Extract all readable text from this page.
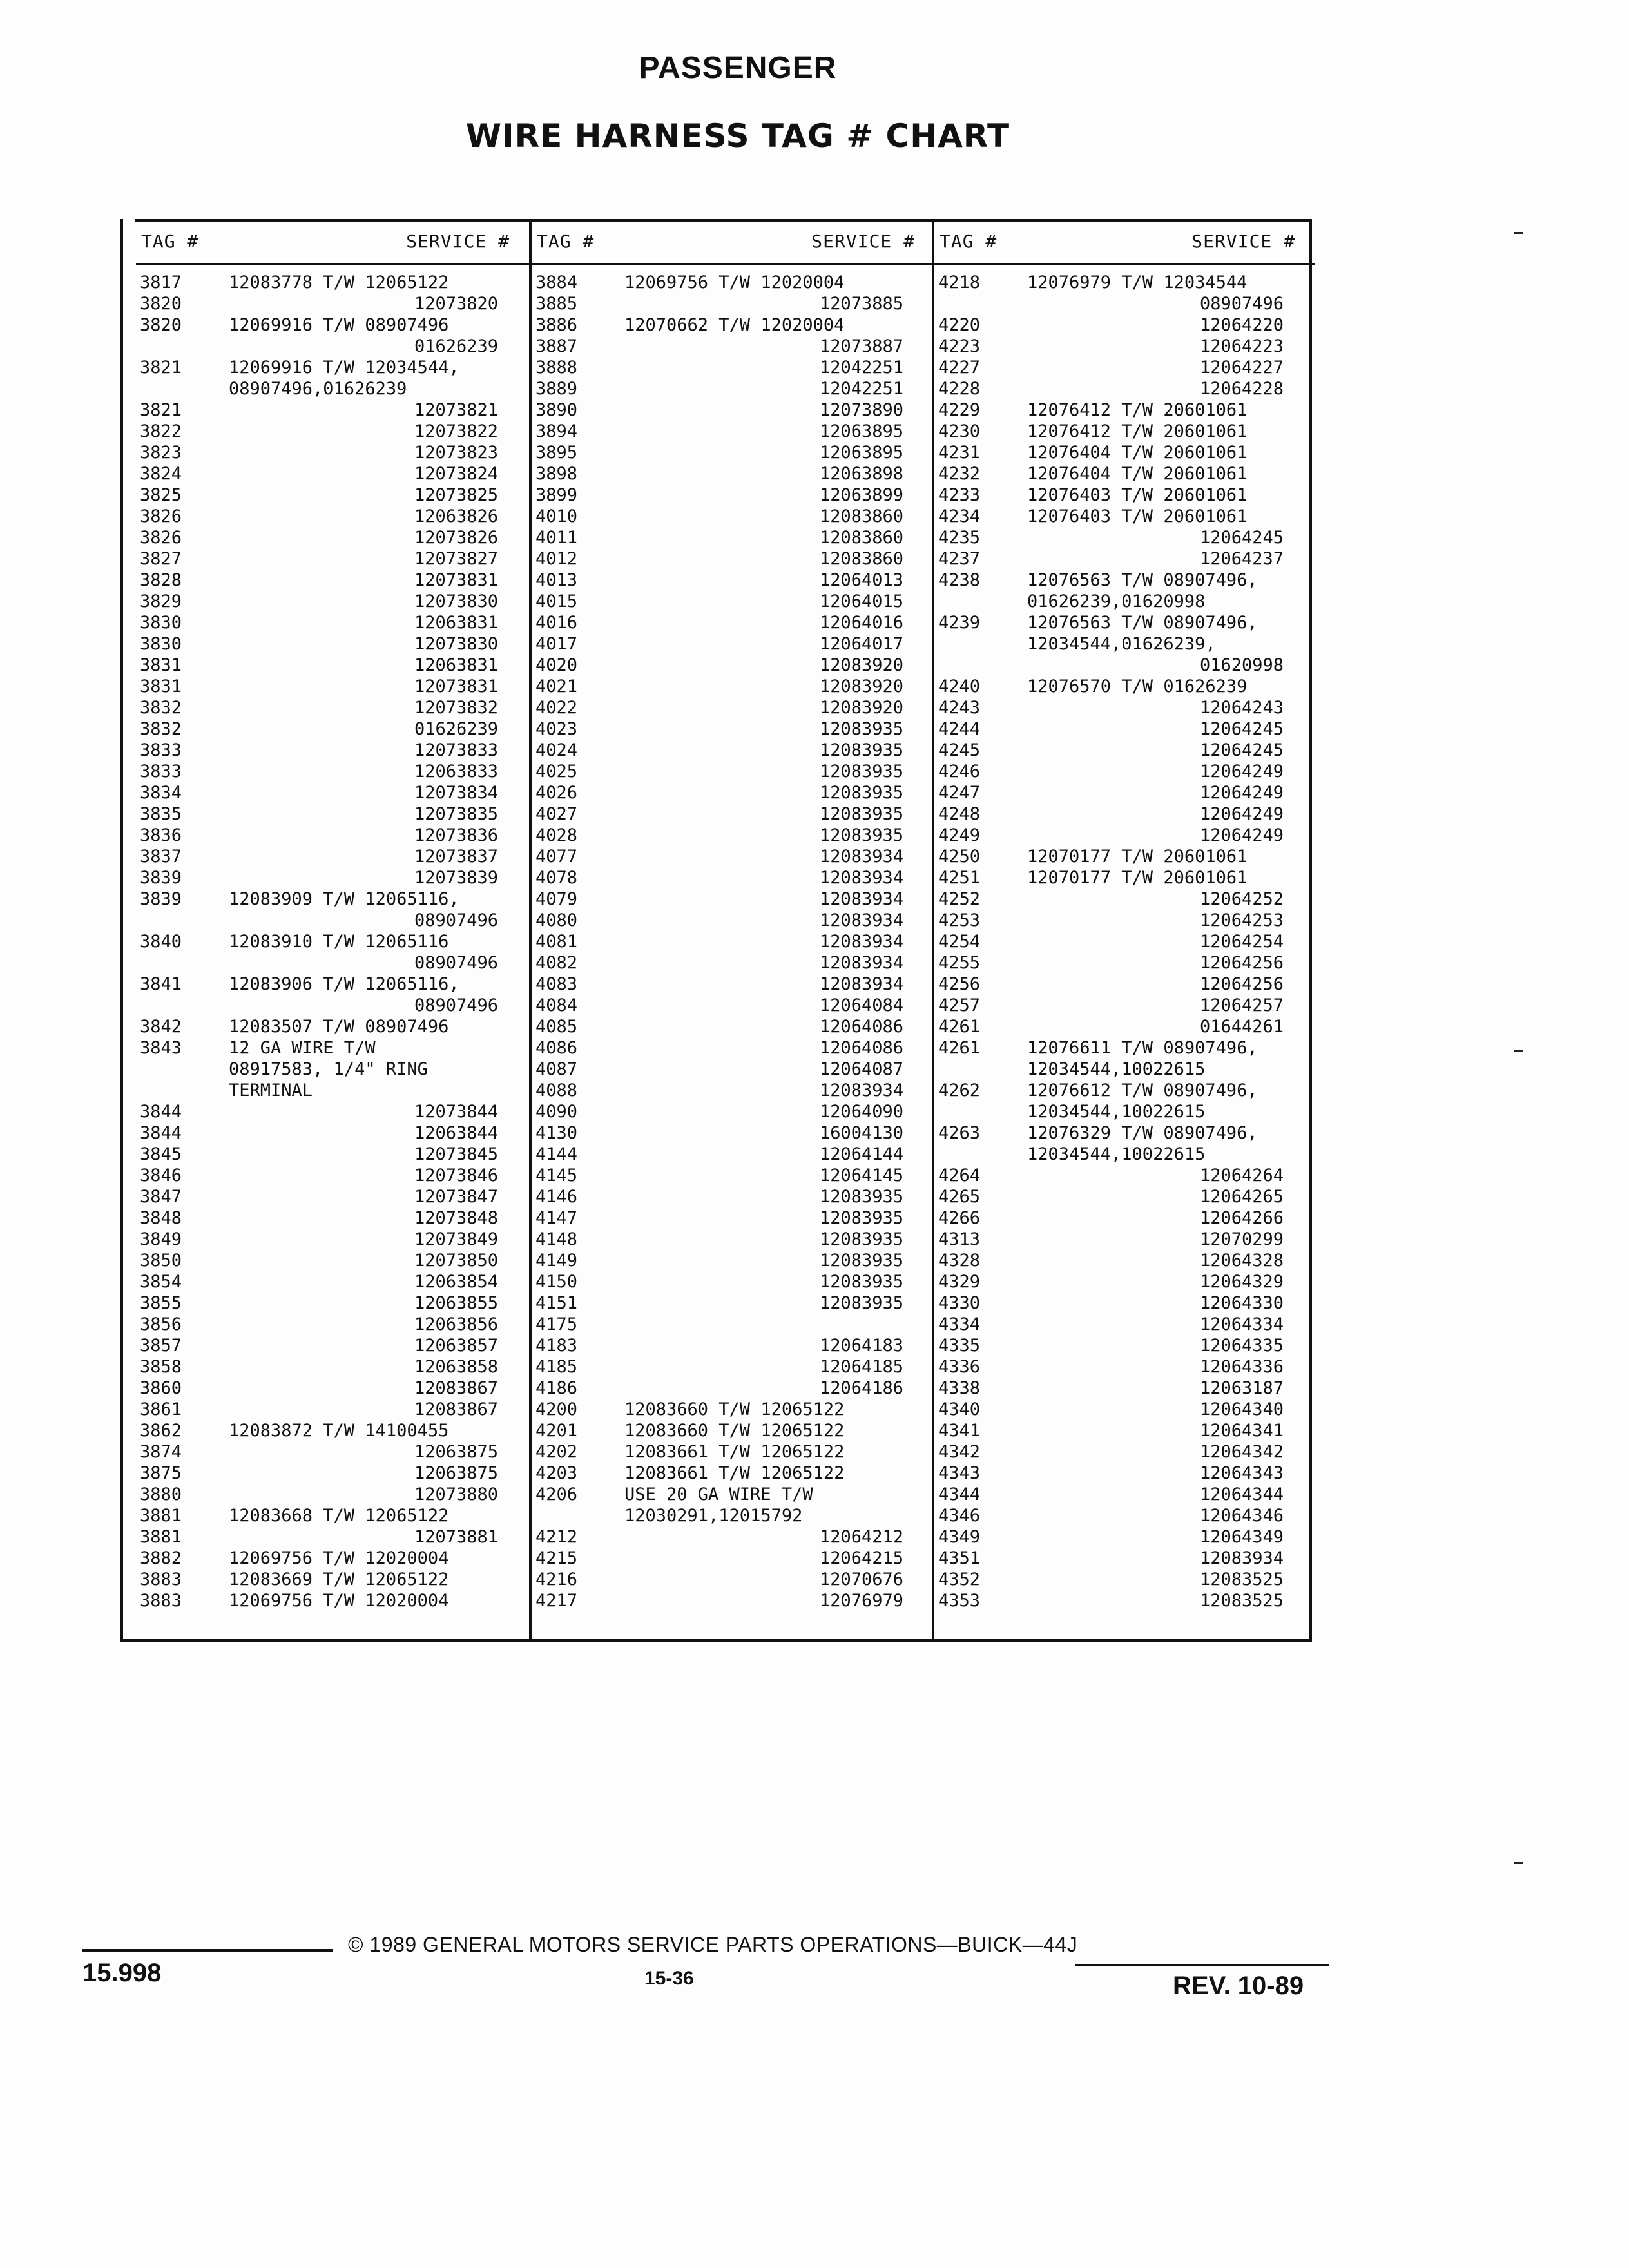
PASSENGER
WIRE HARNESS TAG # CHART
TAG #	SERVICE #
3817	12083778 T/W 12065122
3820	12073820
3820	12069916 T/W 08907496
01626239
3821	12069916 T/W 12034544,
08907496,01626239
3821	12073821
3822	12073822
3823	12073823
3824	12073824
3825	12073825
3826	12063826
3826	12073826
3827	12073827
3828	12073831
3829	12073830
3830	12063831
3830	12073830
3831	12063831
3831	12073831
3832	12073832
3832	01626239
3833	12073833
3833	12063833
3834	12073834
3835	12073835
3836	12073836
3837	12073837
3839	12073839
3839	12083909 T/W 12065116,
08907496
3840	12083910 T/W 12065116
08907496
3841	12083906 T/W 12065116,
08907496
3842	12083507 T/W 08907496
3843	12 GA WIRE T/W
08917583, 1/4" RING
TERMINAL
3844	12073844
3844	12063844
3845	12073845
3846	12073846
3847	12073847
3848	12073848
3849	12073849
3850	12073850
3854	12063854
3855	12063855
3856	12063856
3857	12063857
3858	12063858
3860	12083867
3861	12083867
3862	12083872 T/W 14100455
3874	12063875
3875	12063875
3880	12073880
3881	12083668 T/W 12065122
3881	12073881
3882	12069756 T/W 12020004
3883	12083669 T/W 12065122
3883	12069756 T/W 12020004
TAG #	SERVICE #
3884	12069756 T/W 12020004
3885	12073885
3886	12070662 T/W 12020004
3887	12073887
3888	12042251
3889	12042251
3890	12073890
3894	12063895
3895	12063895
3898	12063898
3899	12063899
4010	12083860
4011	12083860
4012	12083860
4013	12064013
4015	12064015
4016	12064016
4017	12064017
4020	12083920
4021	12083920
4022	12083920
4023	12083935
4024	12083935
4025	12083935
4026	12083935
4027	12083935
4028	12083935
4077	12083934
4078	12083934
4079	12083934
4080	12083934
4081	12083934
4082	12083934
4083	12083934
4084	12064084
4085	12064086
4086	12064086
4087	12064087
4088	12083934
4090	12064090
4130	16004130
4144	12064144
4145	12064145
4146	12083935
4147	12083935
4148	12083935
4149	12083935
4150	12083935
4151	12083935
4175
4183	12064183
4185	12064185
4186	12064186
4200	12083660 T/W 12065122
4201	12083660 T/W 12065122
4202	12083661 T/W 12065122
4203	12083661 T/W 12065122
4206	USE 20 GA WIRE T/W
12030291,12015792
4212	12064212
4215	12064215
4216	12070676
4217	12076979
TAG #	SERVICE #
4218	12076979 T/W 12034544
08907496
4220	12064220
4223	12064223
4227	12064227
4228	12064228
4229	12076412 T/W 20601061
4230	12076412 T/W 20601061
4231	12076404 T/W 20601061
4232	12076404 T/W 20601061
4233	12076403 T/W 20601061
4234	12076403 T/W 20601061
4235	12064245
4237	12064237
4238	12076563 T/W 08907496,
01626239,01620998
4239	12076563 T/W 08907496,
12034544,01626239,
01620998
4240	12076570 T/W 01626239
4243	12064243
4244	12064245
4245	12064245
4246	12064249
4247	12064249
4248	12064249
4249	12064249
4250	12070177 T/W 20601061
4251	12070177 T/W 20601061
4252	12064252
4253	12064253
4254	12064254
4255	12064256
4256	12064256
4257	12064257
4261	01644261
4261	12076611 T/W 08907496,
12034544,10022615
4262	12076612 T/W 08907496,
12034544,10022615
4263	12076329 T/W 08907496,
12034544,10022615
4264	12064264
4265	12064265
4266	12064266
4313	12070299
4328	12064328
4329	12064329
4330	12064330
4334	12064334
4335	12064335
4336	12064336
4338	12063187
4340	12064340
4341	12064341
4342	12064342
4343	12064343
4344	12064344
4346	12064346
4349	12064349
4351	12083934
4352	12083525
4353	12083525
© 1989 GENERAL MOTORS SERVICE PARTS OPERATIONS—BUICK—44J
15-36
15.998	REV. 10-89
